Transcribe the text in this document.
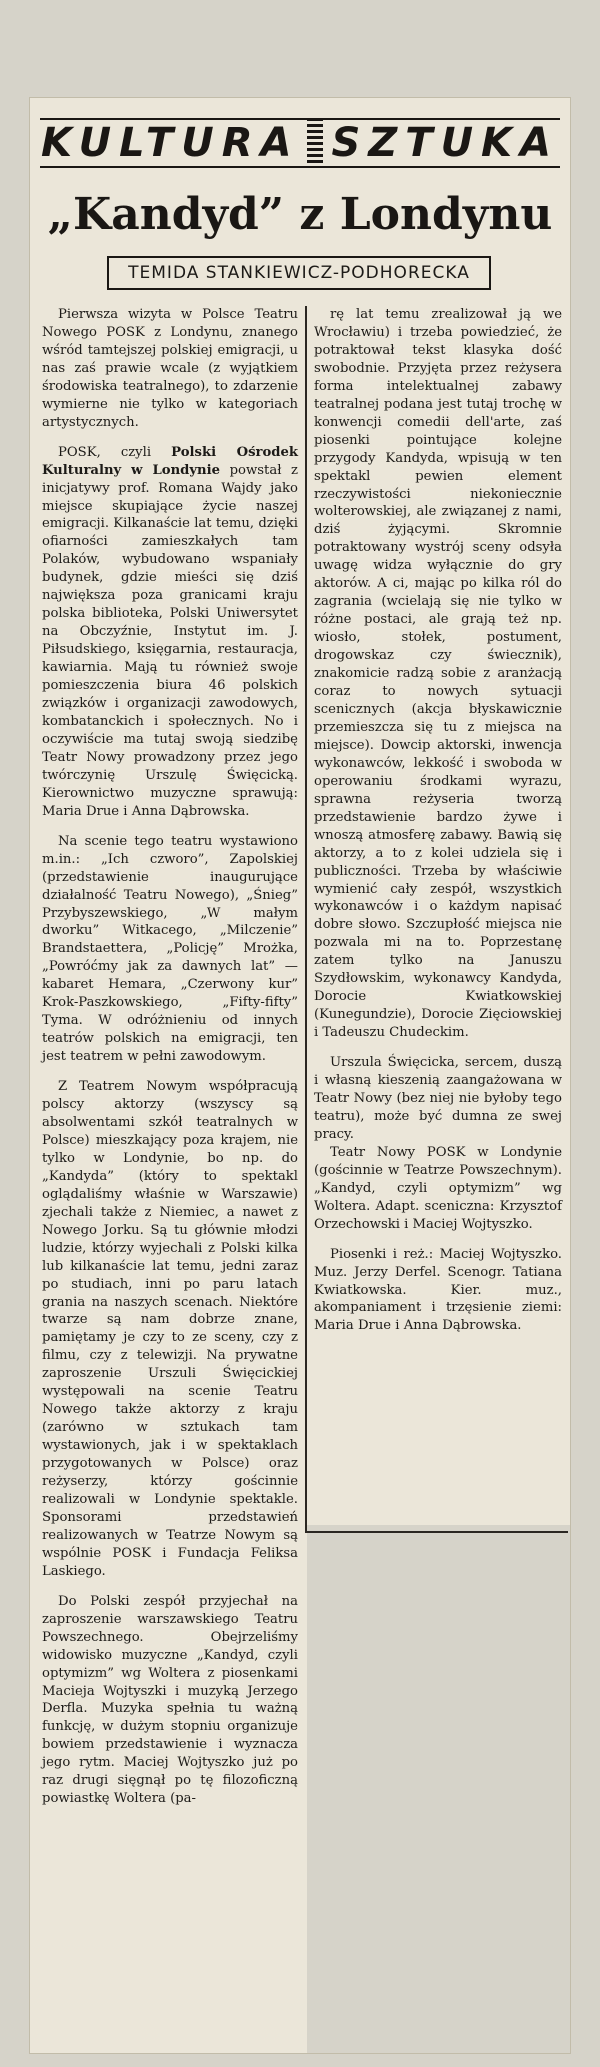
KULTURA SZTUKA
„Kandyd” z Londynu
TEMIDA STANKIEWICZ-PODHORECKA

Pierwsza wizyta w Polsce Teatru Nowego POSK z Londynu, znanego wśród tamtejszej polskiej emigracji, u nas zaś prawie wcale (z wyjątkiem środowiska teatralnego), to zdarzenie wymierne nie tylko w kategoriach artystycznych.

POSK, czyli Polski Ośrodek Kulturalny w Londynie powstał z inicjatywy prof. Romana Wajdy jako miejsce skupiające życie naszej emigracji. Kilkanaście lat temu, dzięki ofiarności zamieszkałych tam Polaków, wybudowano wspaniały budynek, gdzie mieści się dziś największa poza granicami kraju polska biblioteka, Polski Uniwersytet na Obczyźnie, Instytut im. J. Piłsudskiego, księgarnia, restauracja, kawiarnia. Mają tu również swoje pomieszczenia biura 46 polskich związków i organizacji zawodowych, kombatanckich i społecznych. No i oczywiście ma tutaj swoją siedzibę Teatr Nowy prowadzony przez jego twórczynię Urszulę Święcicką. Kierownictwo muzyczne sprawują: Maria Drue i Anna Dąbrowska.

Na scenie tego teatru wystawiono m.in.: „Ich czworo”, Zapolskiej (przedstawienie inaugurujące działalność Teatru Nowego), „Śnieg” Przybyszewskiego, „W małym dworku” Witkacego, „Milczenie” Brandstaettera, „Policję” Mrożka, „Powróćmy jak za dawnych lat” — kabaret Hemara, „Czerwony kur” Krok-Paszkowskiego, „Fifty-fifty” Tyma. W odróżnieniu od innych teatrów polskich na emigracji, ten jest teatrem w pełni zawodowym.

Z Teatrem Nowym współpracują polscy aktorzy (wszyscy są absolwentami szkół teatralnych w Polsce) mieszkający poza krajem, nie tylko w Londynie, bo np. do „Kandyda” (który to spektakl oglądaliśmy właśnie w Warszawie) zjechali także z Niemiec, a nawet z Nowego Jorku. Są tu głównie młodzi ludzie, którzy wyjechali z Polski kilka lub kilkanaście lat temu, jedni zaraz po studiach, inni po paru latach grania na naszych scenach. Niektóre twarze są nam dobrze znane, pamiętamy je czy to ze sceny, czy z filmu, czy z telewizji. Na prywatne zaproszenie Urszuli Święcickiej występowali na scenie Teatru Nowego także aktorzy z kraju (zarówno w sztukach tam wystawionych, jak i w spektaklach przygotowanych w Polsce) oraz reżyserzy, którzy gościnnie realizowali w Londynie spektakle. Sponsorami przedstawień realizowanych w Teatrze Nowym są wspólnie POSK i Fundacja Feliksa Laskiego.

Do Polski zespół przyjechał na zaproszenie warszawskiego Teatru Powszechnego. Obejrzeliśmy widowisko muzyczne „Kandyd, czyli optymizm” wg Woltera z piosenkami Macieja Wojtyszki i muzyką Jerzego Derfla. Muzyka spełnia tu ważną funkcję, w dużym stopniu organizuje bowiem przedstawienie i wyznacza jego rytm. Maciej Wojtyszko już po raz drugi sięgnął po tę filozoficzną powiastkę Woltera (pa-

rę lat temu zrealizował ją we Wrocławiu) i trzeba powiedzieć, że potraktował tekst klasyka dość swobodnie. Przyjęta przez reżysera forma intelektualnej zabawy teatralnej podana jest tutaj trochę w konwencji comedii dell'arte, zaś piosenki pointujące kolejne przygody Kandyda, wpisują w ten spektakl pewien element rzeczywistości niekoniecznie wolterowskiej, ale związanej z nami, dziś żyjącymi. Skromnie potraktowany wystrój sceny odsyła uwagę widza wyłącznie do gry aktorów. A ci, mając po kilka ról do zagrania (wcielają się nie tylko w różne postaci, ale grają też np. wiosło, stołek, postument, drogowskaz czy świecznik), znakomicie radzą sobie z aranżacją coraz to nowych sytuacji scenicznych (akcja błyskawicznie przemieszcza się tu z miejsca na miejsce). Dowcip aktorski, inwencja wykonawców, lekkość i swoboda w operowaniu środkami wyrazu, sprawna reżyseria tworzą przedstawienie bardzo żywe i wnoszą atmosferę zabawy. Bawią się aktorzy, a to z kolei udziela się i publiczności. Trzeba by właściwie wymienić cały zespół, wszystkich wykonawców i o każdym napisać dobre słowo. Szczupłość miejsca nie pozwala mi na to. Poprzestanę zatem tylko na Januszu Szydłowskim, wykonawcy Kandyda, Dorocie Kwiatkowskiej (Kunegundzie), Dorocie Zięciowskiej i Tadeuszu Chudeckim.

Urszula Święcicka, sercem, duszą i własną kieszenią zaangażowana w Teatr Nowy (bez niej nie byłoby tego teatru), może być dumna ze swej pracy.

Teatr Nowy POSK w Londynie (gościnnie w Teatrze Powszechnym). „Kandyd, czyli optymizm” wg Woltera. Adapt. sceniczna: Krzysztof Orzechowski i Maciej Wojtyszko.

Piosenki i reż.: Maciej Wojtyszko. Muz. Jerzy Derfel. Scenogr. Tatiana Kwiatkowska. Kier. muz., akompaniament i trzęsienie ziemi: Maria Drue i Anna Dąbrowska.
